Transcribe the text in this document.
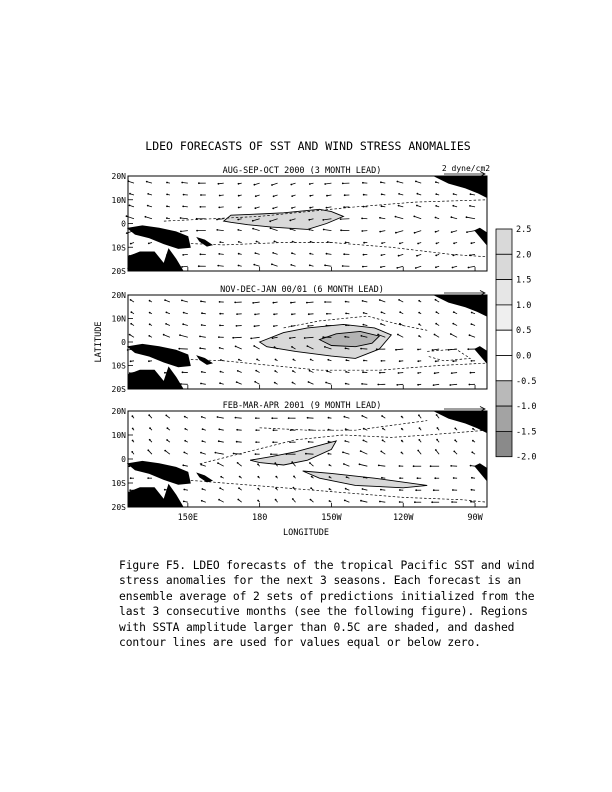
LDEO FORECASTS OF SST AND WIND STRESS ANOMALIES
2 dyne/cm2
LATITUDE
LONGITUDE
AUG-SEP-OCT 2000 (3 MONTH LEAD)
20N
10N
0
10S
20S
NOV-DEC-JAN 00/01 (6 MONTH LEAD)
20N
10N
0
10S
20S
FEB-MAR-APR 2001 (9 MONTH LEAD)
20N
10N
0
10S
20S
150E	180	150W	120W	90W
2.5
2.0
1.5
1.0
0.5
0.0
-0.5
-1.0
-1.5
-2.0
Figure F5. LDEO forecasts of the tropical Pacific SST and wind
stress anomalies for the next 3 seasons. Each forecast is an
ensemble average of 2 sets of predictions initialized from the
last 3 consecutive months (see the following figure). Regions
with SSTA amplitude larger than 0.5C are shaded, and dashed
contour lines are used for values equal or below zero.
